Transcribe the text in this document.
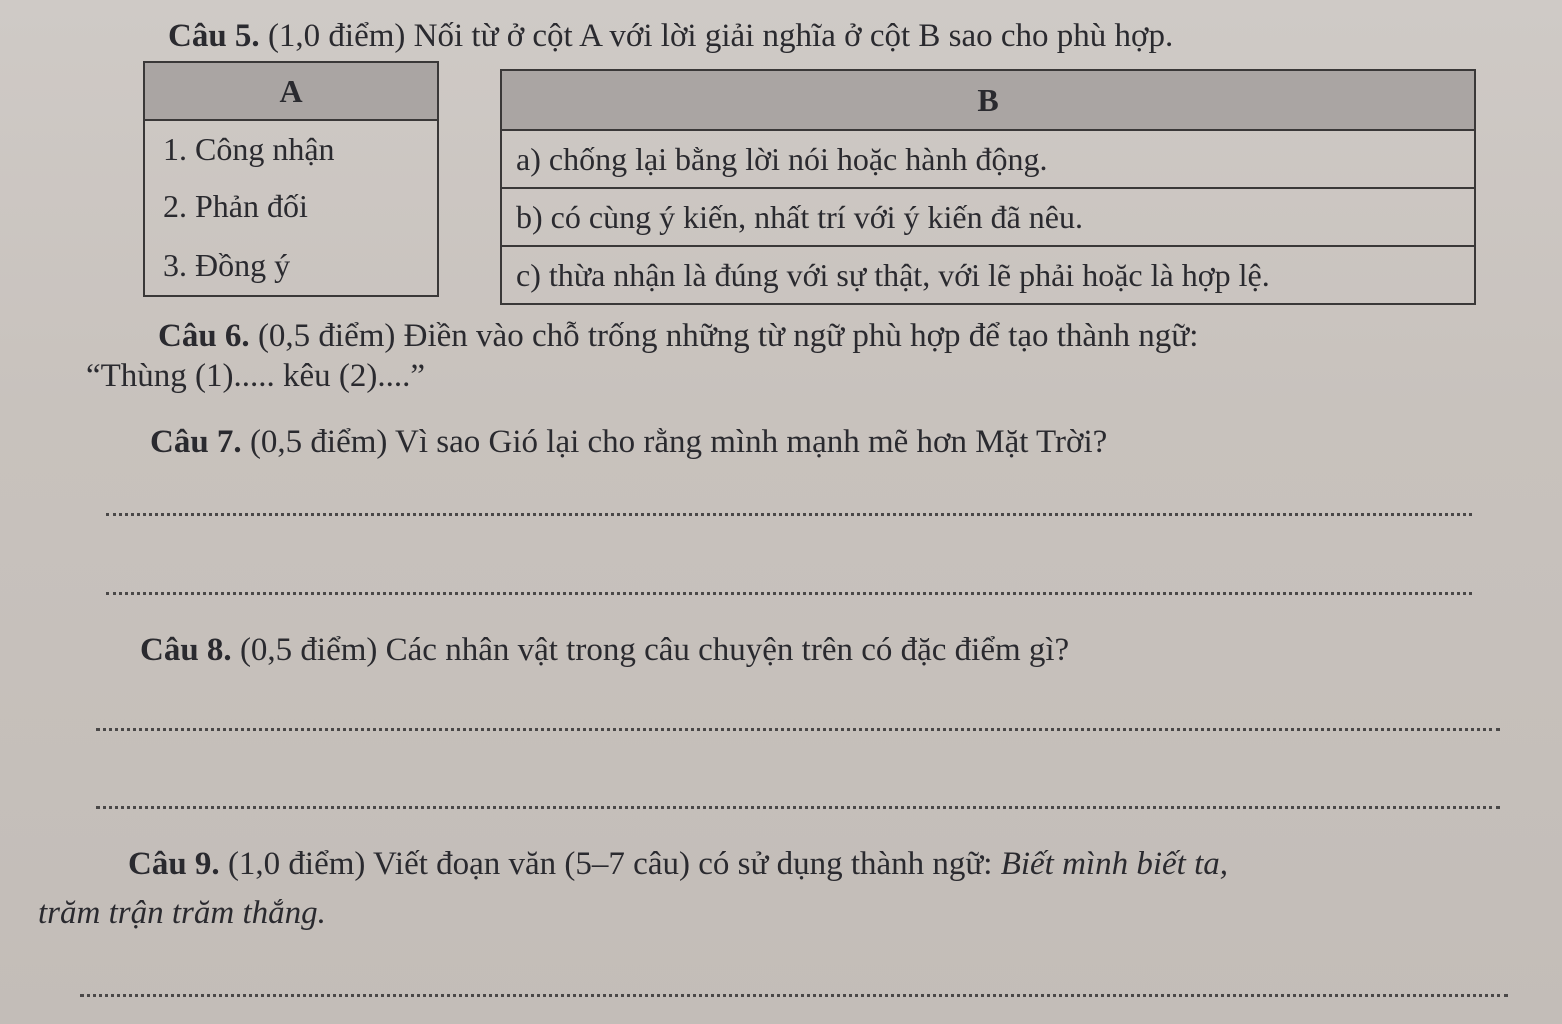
Câu 5. (1,0 điểm) Nối từ ở cột A với lời giải nghĩa ở cột B sao cho phù hợp.
A
1. Công nhận
2. Phản đối
3. Đồng ý
B
a) chống lại bằng lời nói hoặc hành động.
b) có cùng ý kiến, nhất trí với ý kiến đã nêu.
c) thừa nhận là đúng với sự thật, với lẽ phải hoặc là hợp lệ.
Câu 6. (0,5 điểm) Điền vào chỗ trống những từ ngữ phù hợp để tạo thành ngữ:
“Thùng (1)..... kêu (2)....”
Câu 7. (0,5 điểm) Vì sao Gió lại cho rằng mình mạnh mẽ hơn Mặt Trời?
Câu 8. (0,5 điểm) Các nhân vật trong câu chuyện trên có đặc điểm gì?
Câu 9. (1,0 điểm) Viết đoạn văn (5–7 câu) có sử dụng thành ngữ: Biết mình biết ta,
trăm trận trăm thắng.
